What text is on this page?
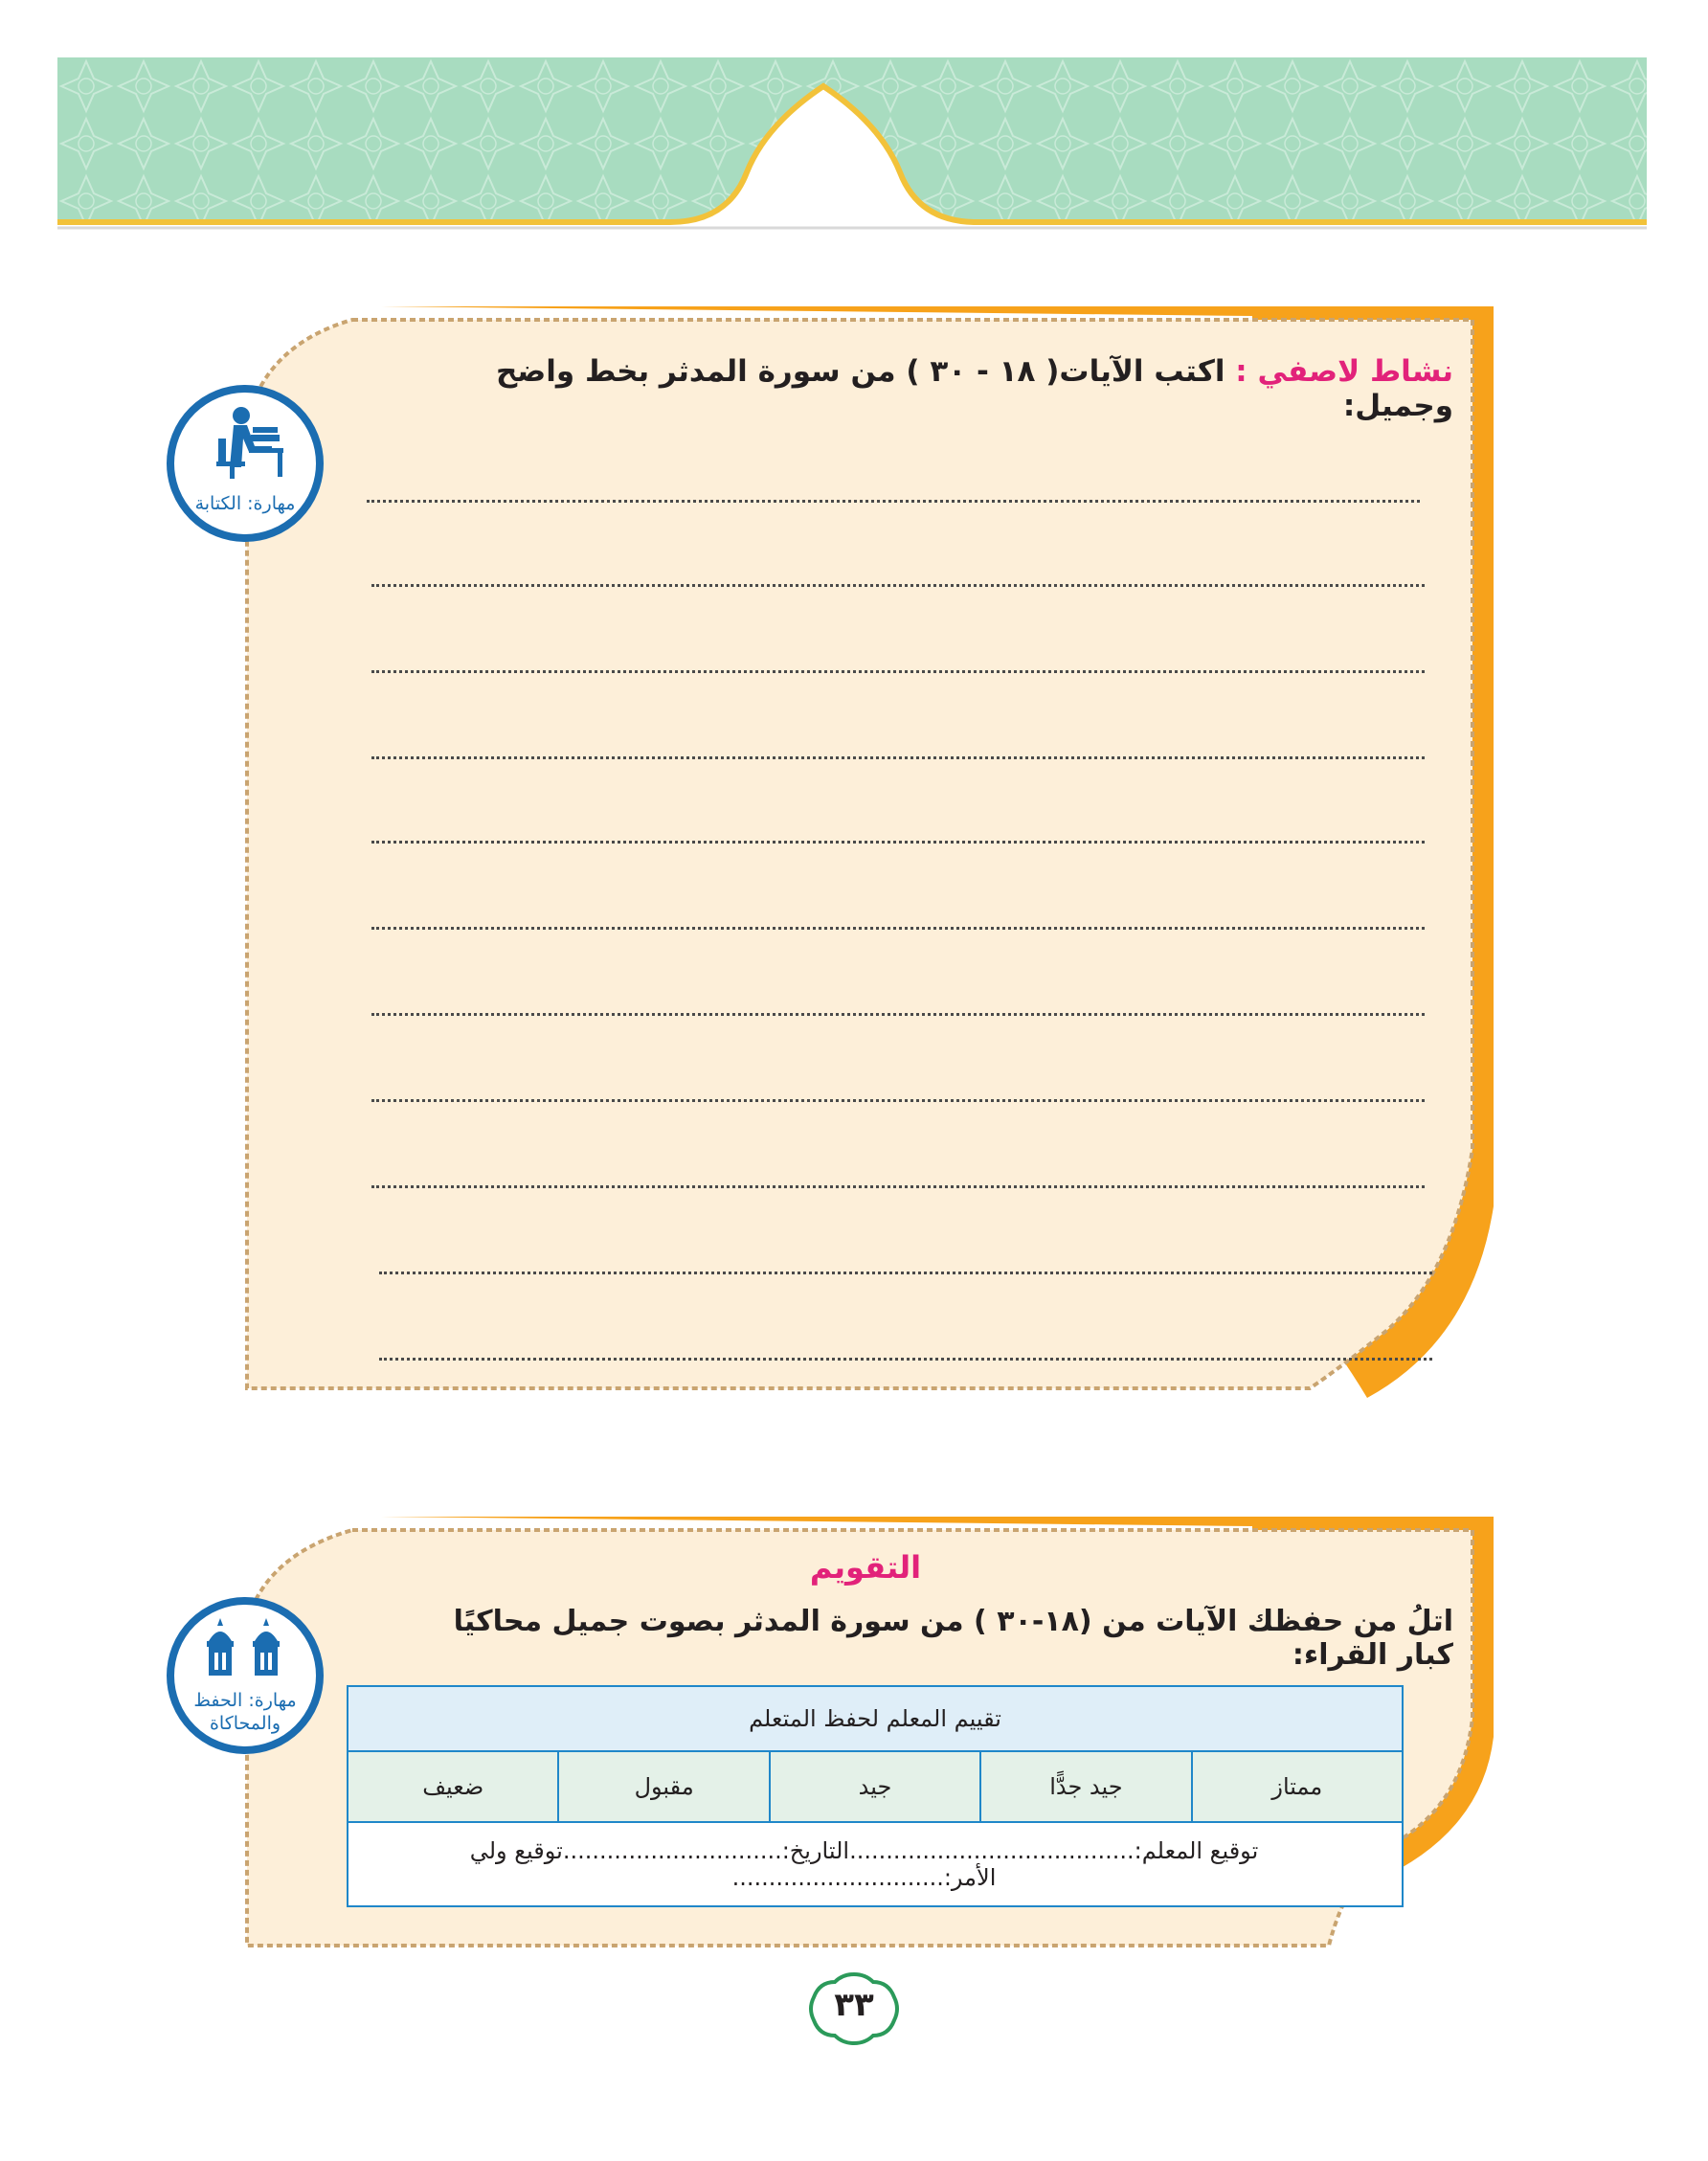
نشاط لاصفي : اكتب الآيات( ١٨ - ٣٠ ) من سورة المدثر بخط واضح وجميل:
مهارة: الكتابة
التقويم
اتلُ من حفظك الآيات من (١٨-٣٠ ) من سورة المدثر بصوت جميل محاكيًا كبار القراء:
تقييم المعلم لحفظ المتعلم
ممتاز	جيد جدًّا	جيد	مقبول	ضعيف
توقيع المعلم:.......................................التاريخ:..............................توقيع ولي الأمر:.............................
مهارة: الحفظ
والمحاكاة
٣٣
